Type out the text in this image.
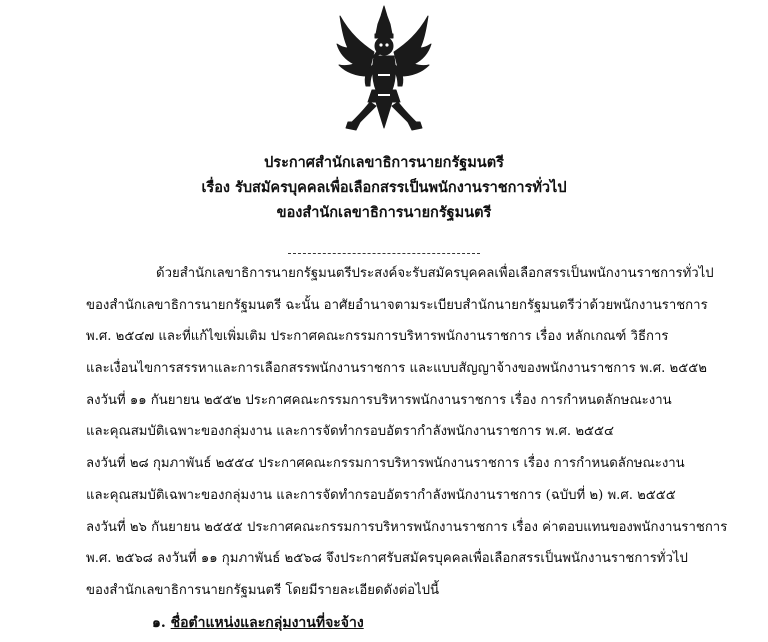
ประกาศสำนักเลขาธิการนายกรัฐมนตรี
เรื่อง รับสมัครบุคคลเพื่อเลือกสรรเป็นพนักงานราชการทั่วไป
ของสำนักเลขาธิการนายกรัฐมนตรี
ด้วยสำนักเลขาธิการนายกรัฐมนตรีประสงค์จะรับสมัครบุคคลเพื่อเลือกสรรเป็นพนักงานราชการทั่วไป
ของสำนักเลขาธิการนายกรัฐมนตรี ฉะนั้น อาศัยอำนาจตามระเบียบสำนักนายกรัฐมนตรีว่าด้วยพนักงานราชการ
พ.ศ. ๒๕๔๗ และที่แก้ไขเพิ่มเติม ประกาศคณะกรรมการบริหารพนักงานราชการ เรื่อง หลักเกณฑ์ วิธีการ
และเงื่อนไขการสรรหาและการเลือกสรรพนักงานราชการ และแบบสัญญาจ้างของพนักงานราชการ พ.ศ. ๒๕๕๒
ลงวันที่ ๑๑ กันยายน ๒๕๕๒ ประกาศคณะกรรมการบริหารพนักงานราชการ เรื่อง การกำหนดลักษณะงาน
และคุณสมบัติเฉพาะของกลุ่มงาน และการจัดทำกรอบอัตรากำลังพนักงานราชการ พ.ศ. ๒๕๕๔
ลงวันที่ ๒๘ กุมภาพันธ์ ๒๕๕๔ ประกาศคณะกรรมการบริหารพนักงานราชการ เรื่อง การกำหนดลักษณะงาน
และคุณสมบัติเฉพาะของกลุ่มงาน และการจัดทำกรอบอัตรากำลังพนักงานราชการ (ฉบับที่ ๒) พ.ศ. ๒๕๕๕
ลงวันที่ ๒๖ กันยายน ๒๕๕๕ ประกาศคณะกรรมการบริหารพนักงานราชการ เรื่อง ค่าตอบแทนของพนักงานราชการ
พ.ศ. ๒๕๖๘ ลงวันที่ ๑๑ กุมภาพันธ์ ๒๕๖๘ จึงประกาศรับสมัครบุคคลเพื่อเลือกสรรเป็นพนักงานราชการทั่วไป
ของสำนักเลขาธิการนายกรัฐมนตรี โดยมีรายละเอียดดังต่อไปนี้
๑. ชื่อตำแหน่งและกลุ่มงานที่จะจ้าง
